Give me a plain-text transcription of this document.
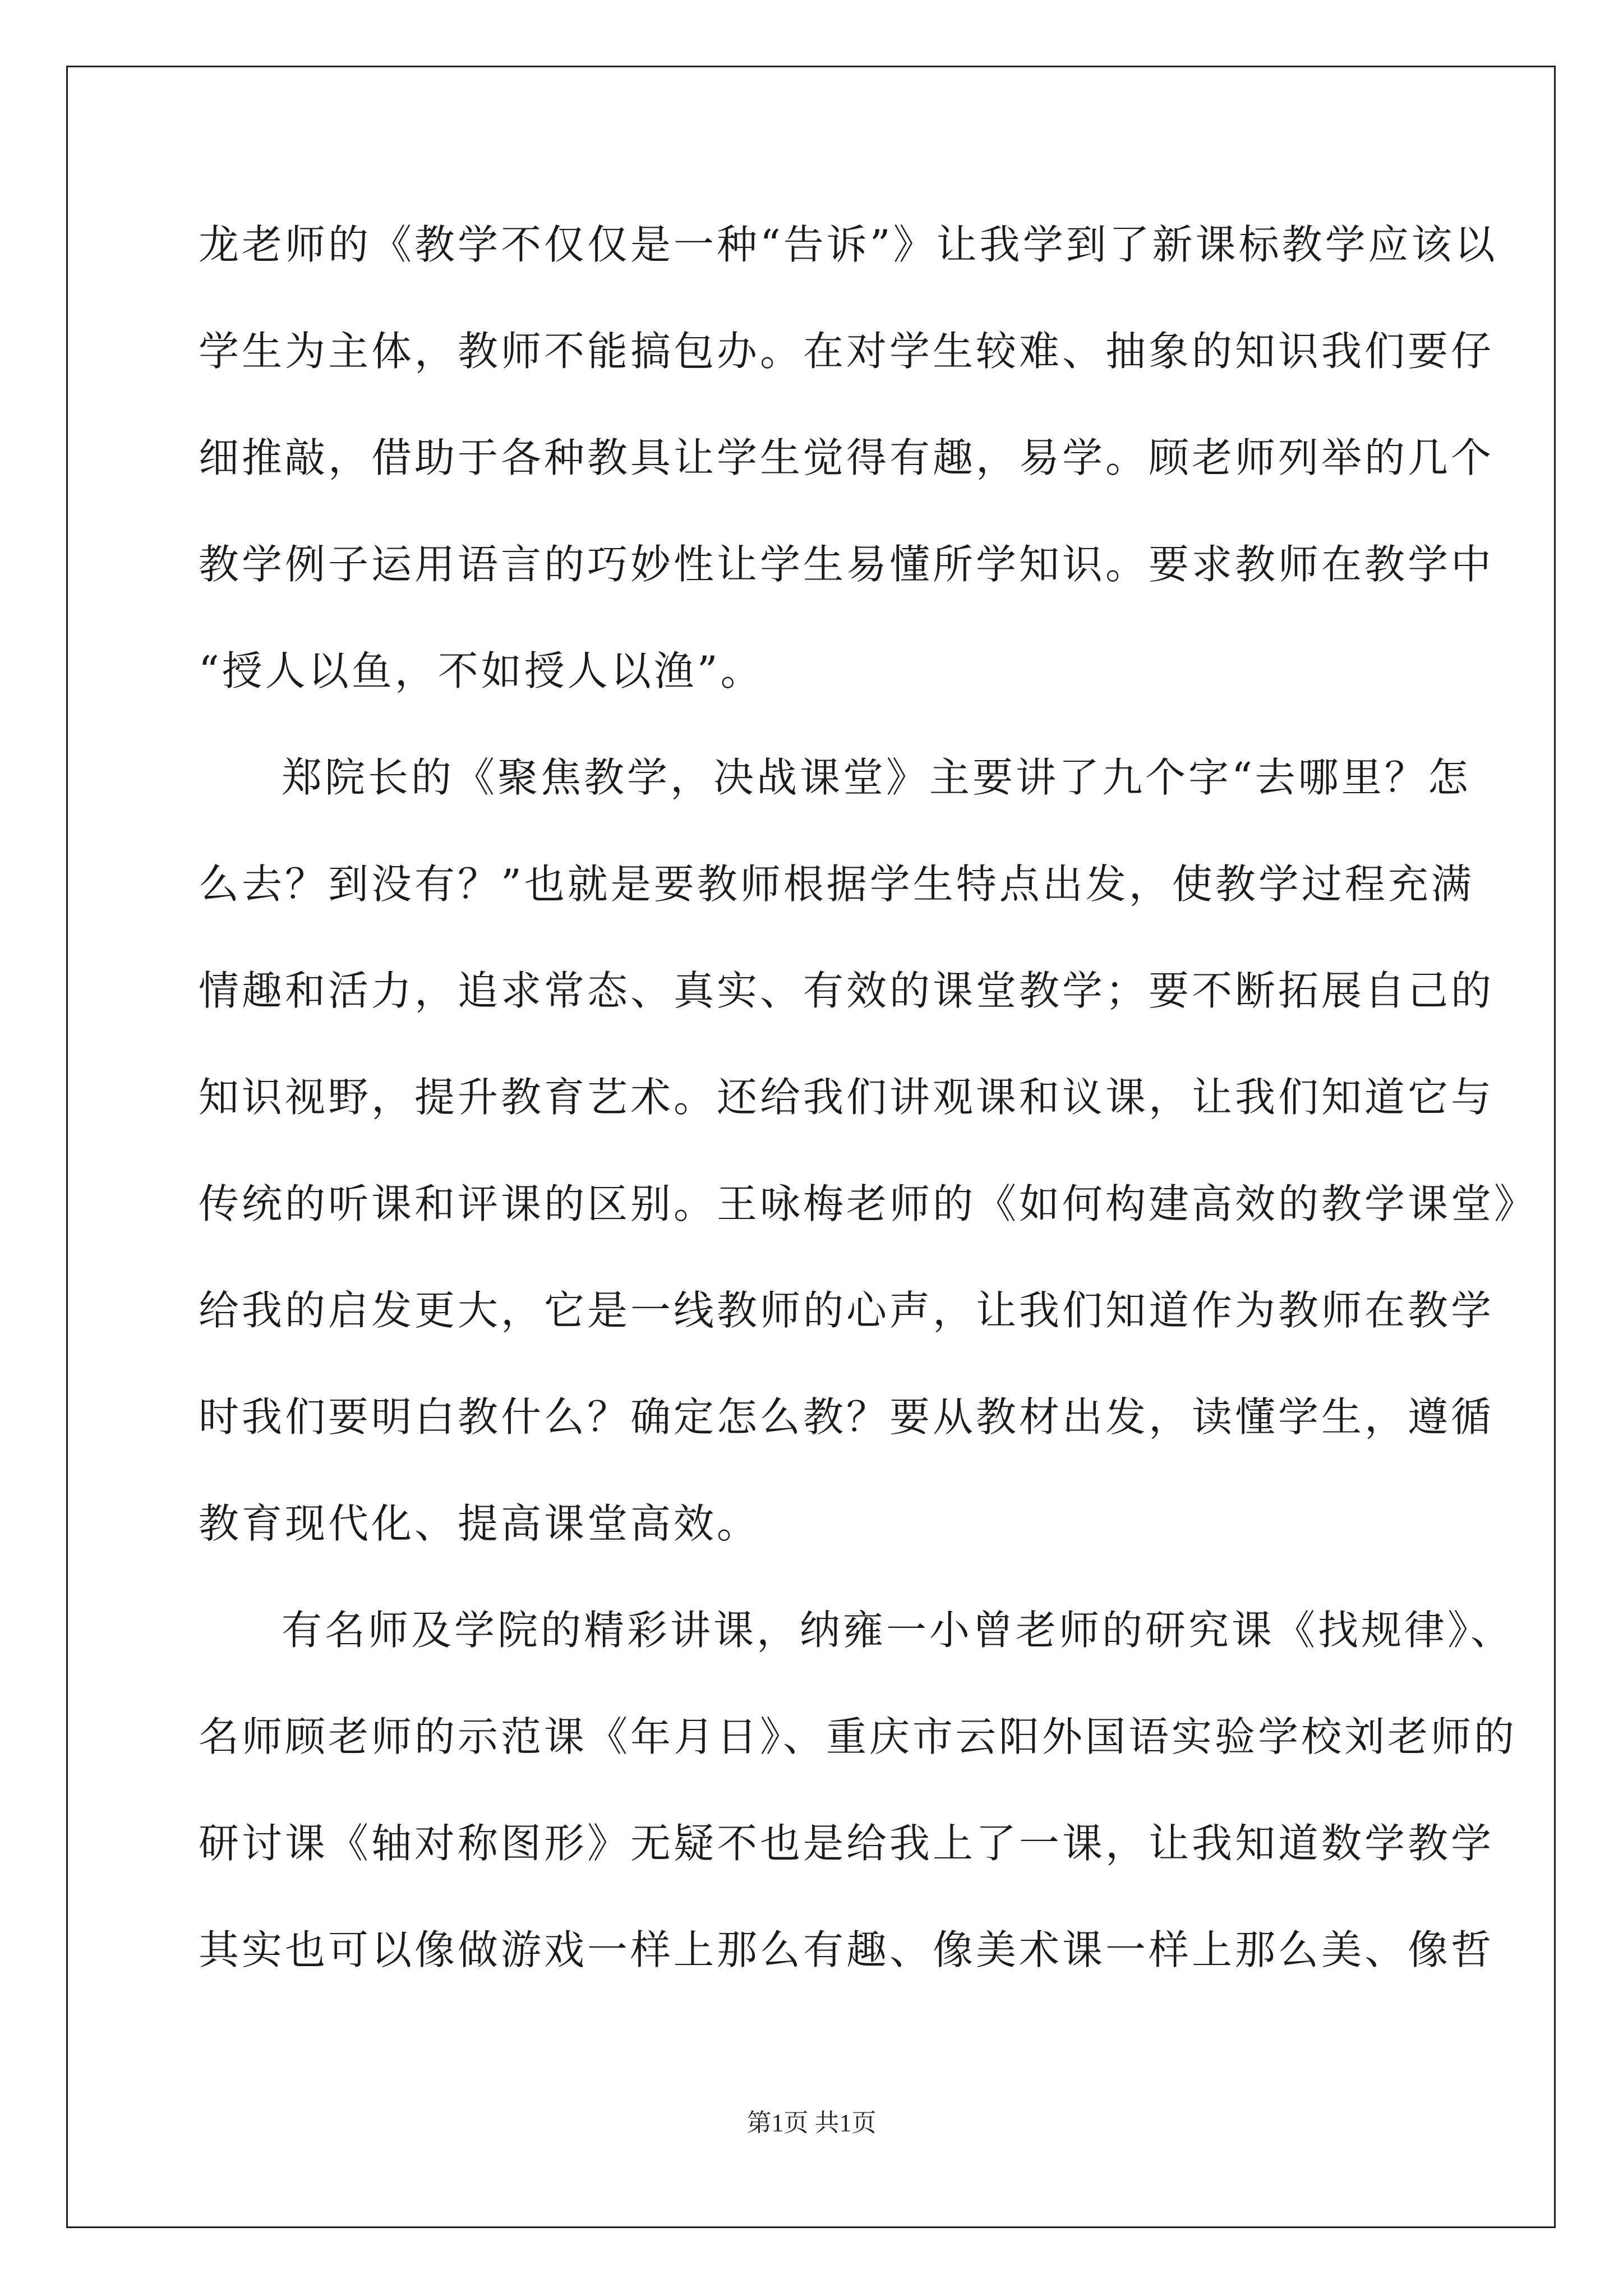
龙老师的《教学不仅仅是一种“告诉”》让我学到了新课标教学应该以
学生为主体，教师不能搞包办。在对学生较难、抽象的知识我们要仔
细推敲，借助于各种教具让学生觉得有趣，易学。顾老师列举的几个
教学例子运用语言的巧妙性让学生易懂所学知识。要求教师在教学中
“授人以鱼，不如授人以渔”。
郑院长的《聚焦教学，决战课堂》主要讲了九个字“去哪里？怎
么去？到没有？”也就是要教师根据学生特点出发，使教学过程充满
情趣和活力，追求常态、真实、有效的课堂教学；要不断拓展自己的
知识视野，提升教育艺术。还给我们讲观课和议课，让我们知道它与
传统的听课和评课的区别。王咏梅老师的《如何构建高效的教学课堂》
给我的启发更大，它是一线教师的心声，让我们知道作为教师在教学
时我们要明白教什么？确定怎么教？要从教材出发，读懂学生，遵循
教育现代化、提高课堂高效。
有名师及学院的精彩讲课，纳雍一小曾老师的研究课《找规律》、
名师顾老师的示范课《年月日》、重庆市云阳外国语实验学校刘老师的
研讨课《轴对称图形》无疑不也是给我上了一课，让我知道数学教学
其实也可以像做游戏一样上那么有趣、像美术课一样上那么美、像哲
第1页 共1页
